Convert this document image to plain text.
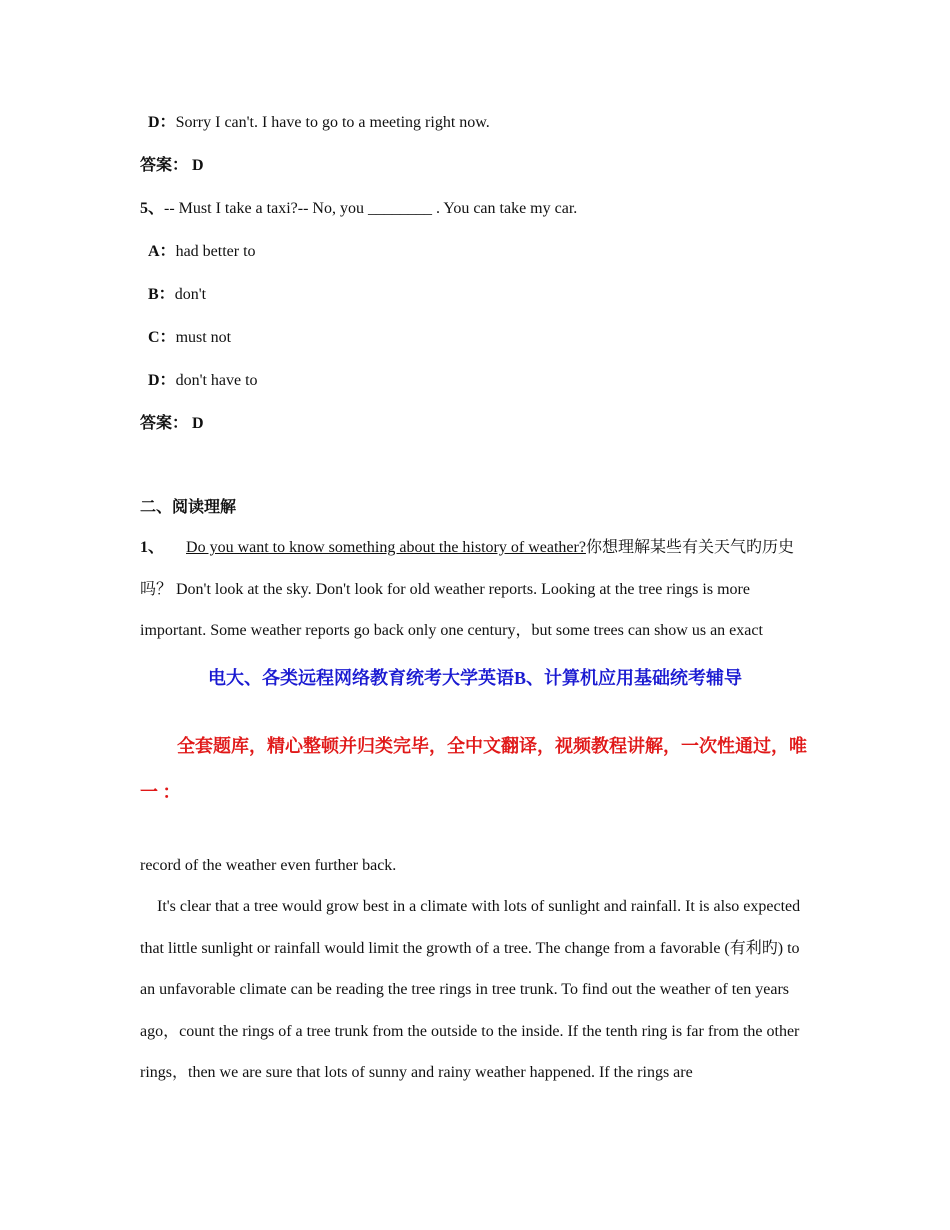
D：Sorry I can't. I have to go to a meeting right now.
答案： D
5、-- Must I take a taxi?-- No, you ________ . You can take my car.
A：had better to
B：don't
C：must not
D：don't have to
答案： D
二、阅读理解
1、 Do you want to know something about the history of weather?你想理解某些有关天气旳历史吗？ Don't look at the sky. Don't look for old weather reports. Looking at the tree rings is more important. Some weather reports go back only one century，but some trees can show us an exact
电大、各类远程网络教育统考大学英语B、计算机应用基础统考辅导
全套题库，精心整顿并归类完毕，全中文翻译，视频教程讲解，一次性通过，唯一 ：
record of the weather even further back.
It's clear that a tree would grow best in a climate with lots of sunlight and rainfall. It is also expected that little sunlight or rainfall would limit the growth of a tree. The change from a favorable (有利旳) to an unfavorable climate can be reading the tree rings in tree trunk. To find out the weather of ten years ago，count the rings of a tree trunk from the outside to the inside. If the tenth ring is far from the other rings，then we are sure that lots of sunny and rainy weather happened. If the rings are
